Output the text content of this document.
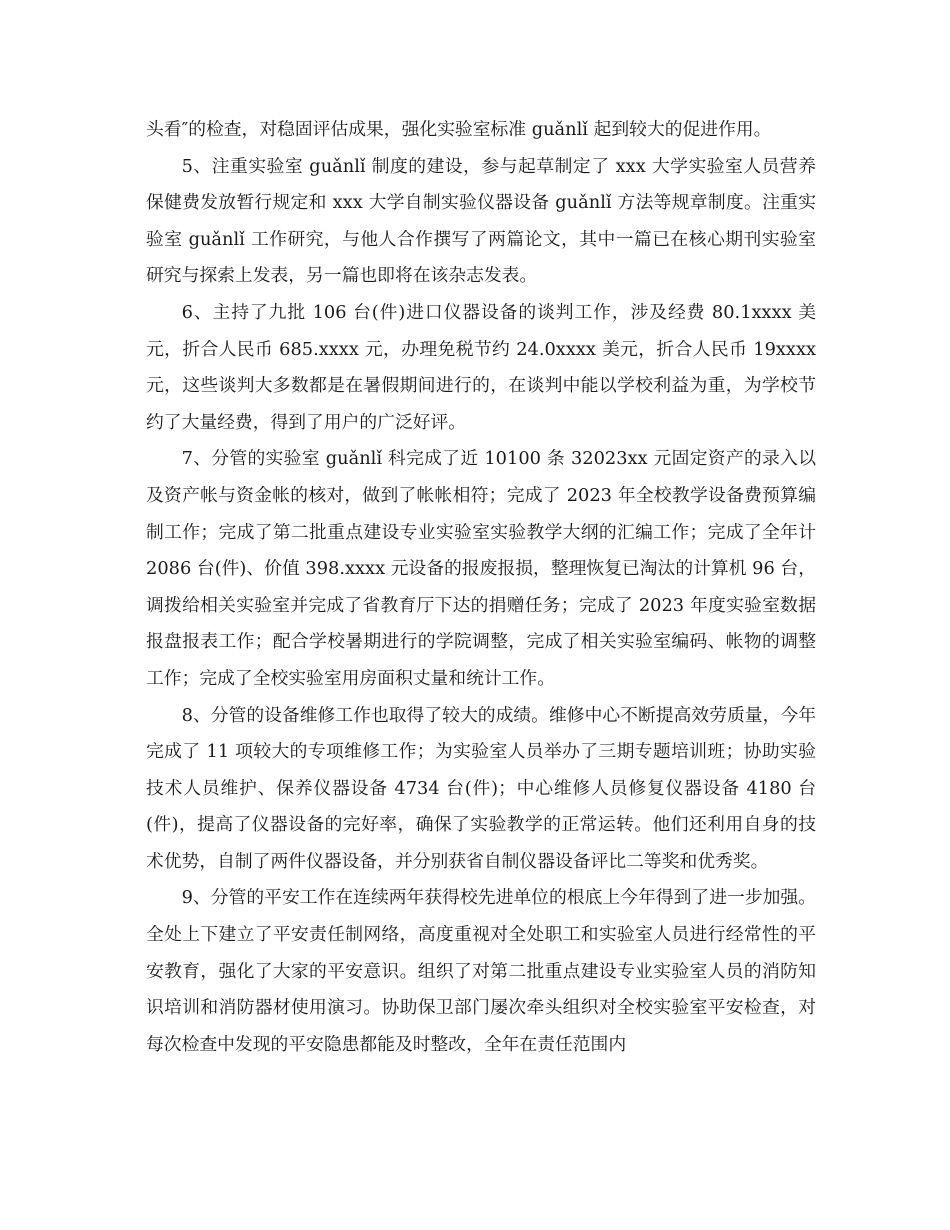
头看″的检查，对稳固评估成果，强化实验室标准 guǎnlǐ 起到较大的促进作用。

5、注重实验室 guǎnlǐ 制度的建设，参与起草制定了 xxx 大学实验室人员营养保健费发放暂行规定和 xxx 大学自制实验仪器设备 guǎnlǐ 方法等规章制度。注重实验室 guǎnlǐ 工作研究，与他人合作撰写了两篇论文，其中一篇已在核心期刊实验室研究与探索上发表，另一篇也即将在该杂志发表。

6、主持了九批 106 台(件)进口仪器设备的谈判工作，涉及经费 80.1xxxx 美元，折合人民币 685.xxxx 元，办理免税节约 24.0xxxx 美元，折合人民币 19xxxx 元，这些谈判大多数都是在暑假期间进行的，在谈判中能以学校利益为重，为学校节约了大量经费，得到了用户的广泛好评。

7、分管的实验室 guǎnlǐ 科完成了近 10100 条 32023xx 元固定资产的录入以及资产帐与资金帐的核对，做到了帐帐相符；完成了 2023 年全校教学设备费预算编制工作；完成了第二批重点建设专业实验室实验教学大纲的汇编工作；完成了全年计 2086 台(件)、价值 398.xxxx 元设备的报废报损，整理恢复已淘汰的计算机 96 台，调拨给相关实验室并完成了省教育厅下达的捐赠任务；完成了 2023 年度实验室数据报盘报表工作；配合学校暑期进行的学院调整，完成了相关实验室编码、帐物的调整工作；完成了全校实验室用房面积丈量和统计工作。

8、分管的设备维修工作也取得了较大的成绩。维修中心不断提高效劳质量，今年完成了 11 项较大的专项维修工作；为实验室人员举办了三期专题培训班；协助实验技术人员维护、保养仪器设备 4734 台(件)；中心维修人员修复仪器设备 4180 台(件)，提高了仪器设备的完好率，确保了实验教学的正常运转。他们还利用自身的技术优势，自制了两件仪器设备，并分别获省自制仪器设备评比二等奖和优秀奖。

9、分管的平安工作在连续两年获得校先进单位的根底上今年得到了进一步加强。全处上下建立了平安责任制网络，高度重视对全处职工和实验室人员进行经常性的平安教育，强化了大家的平安意识。组织了对第二批重点建设专业实验室人员的消防知识培训和消防器材使用演习。协助保卫部门屡次牵头组织对全校实验室平安检查，对每次检查中发现的平安隐患都能及时整改，全年在责任范围内
